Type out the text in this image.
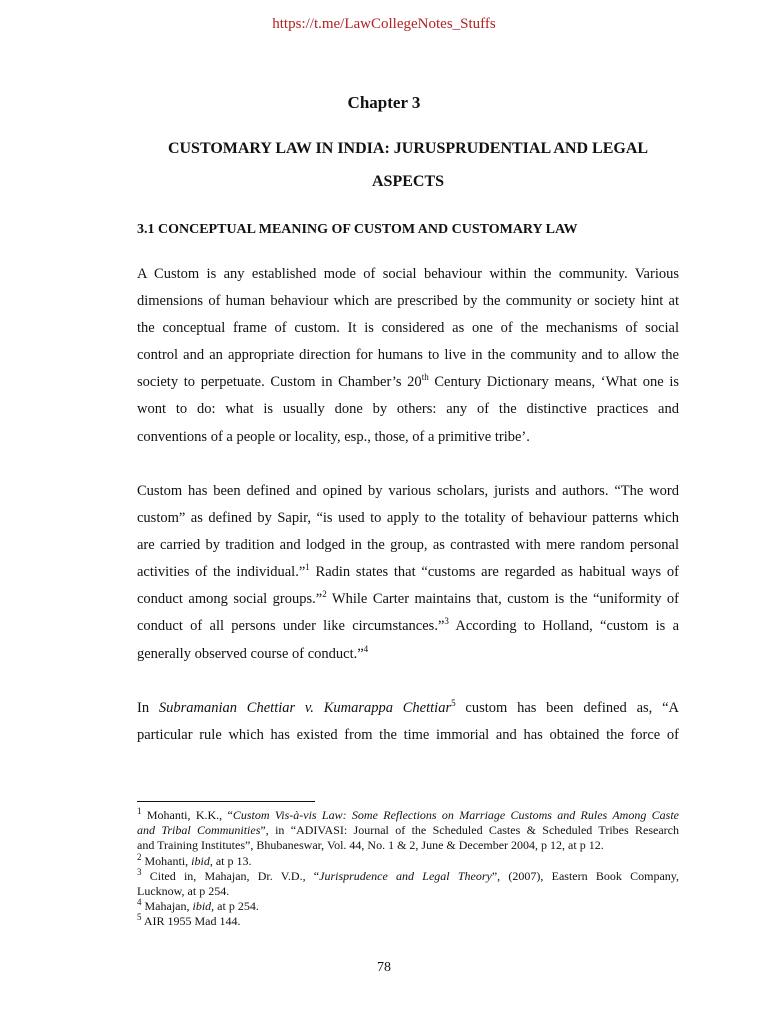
https://t.me/LawCollegeNotes_Stuffs
Chapter 3
CUSTOMARY LAW IN INDIA: JURUSPRUDENTIAL AND LEGAL
ASPECTS
3.1 CONCEPTUAL MEANING OF CUSTOM AND CUSTOMARY LAW

A Custom is any established mode of social behaviour within the community. Various
dimensions of human behaviour which are prescribed by the community or society hint at
the conceptual frame of custom. It is considered as one of the mechanisms of social
control and an appropriate direction for humans to live in the community and to allow the
society to perpetuate. Custom in Chamber’s 20th Century Dictionary means, ‘What one is
wont to do: what is usually done by others: any of the distinctive practices and
conventions of a people or locality, esp., those, of a primitive tribe’.

Custom has been defined and opined by various scholars, jurists and authors. “The word
custom” as defined by Sapir, “is used to apply to the totality of behaviour patterns which
are carried by tradition and lodged in the group, as contrasted with mere random personal
activities of the individual.”$^1$ Radin states that “customs are regarded as habitual ways of
conduct among social groups.”$^2$ While Carter maintains that, custom is the “uniformity of
conduct of all persons under like circumstances.”$^3$ According to Holland, “custom is a
generally observed course of conduct.”$^4$

In Subramanian Chettiar v. Kumarappa Chettiar$^5$ custom has been defined as, “A
particular rule which has existed from the time immorial and has obtained the force of

$^1$ Mohanti, K.K., “Custom Vis-à-vis Law: Some Reflections on Marriage Customs and Rules Among Caste
and Tribal Communities”, in “ADIVASI: Journal of the Scheduled Castes & Scheduled Tribes Research
and Training Institutes”, Bhubaneswar, Vol. 44, No. 1 & 2, June & December 2004, p 12, at p 12.
$^2$ Mohanti, ibid, at p 13.
$^3$ Cited in, Mahajan, Dr. V.D., “Jurisprudence and Legal Theory”, (2007), Eastern Book Company,
Lucknow, at p 254.
$^4$ Mahajan, ibid, at p 254.
$^5$ AIR 1955 Mad 144.
78
